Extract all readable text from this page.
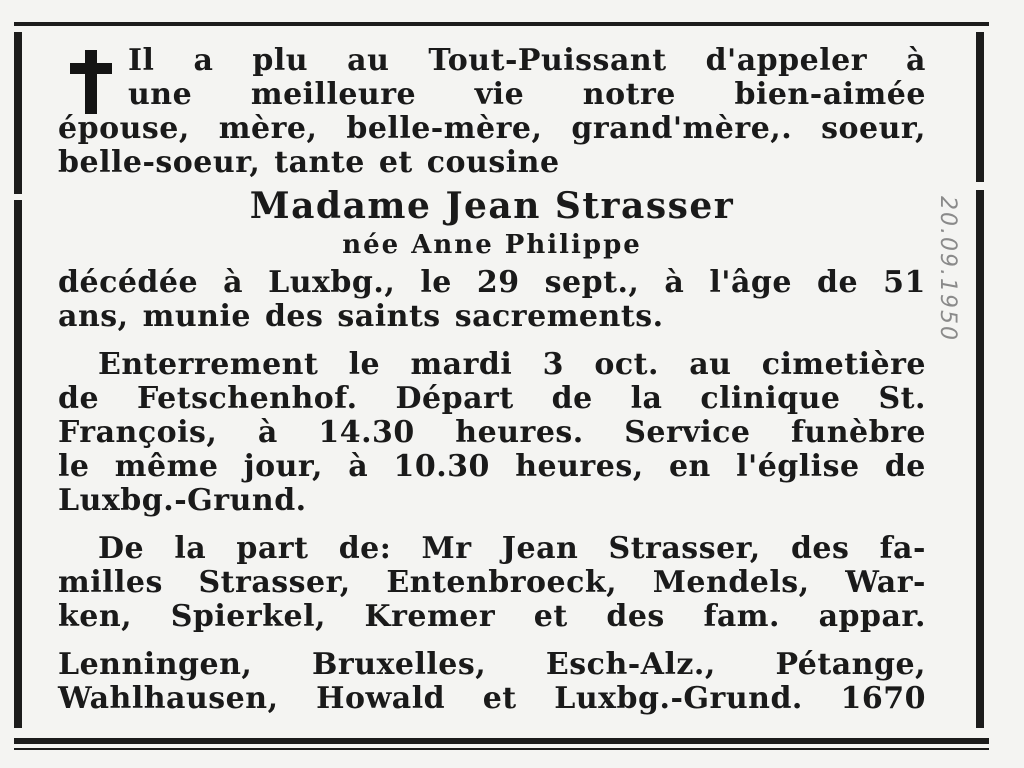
Il a plu au Tout-Puissant d'appeler à
une meilleure vie notre bien-aimée
épouse, mère, belle-mère, grand'mère,. soeur,
belle-soeur, tante et cousine
Madame Jean Strasser
née Anne Philippe
décédée à Luxbg., le 29 sept., à l'âge de 51
ans, munie des saints sacrements.
Enterrement le mardi 3 oct. au cimetière
de Fetschenhof. Départ de la clinique St.
François, à 14.30 heures. Service funèbre
le même jour, à 10.30 heures, en l'église de
Luxbg.-Grund.
De la part de: Mr Jean Strasser, des fa-
milles Strasser, Entenbroeck, Mendels, War-
ken, Spierkel, Kremer et des fam. appar.
Lenningen, Bruxelles, Esch-Alz., Pétange,
Wahlhausen, Howald et Luxbg.-Grund. 1670
20.09.1950
